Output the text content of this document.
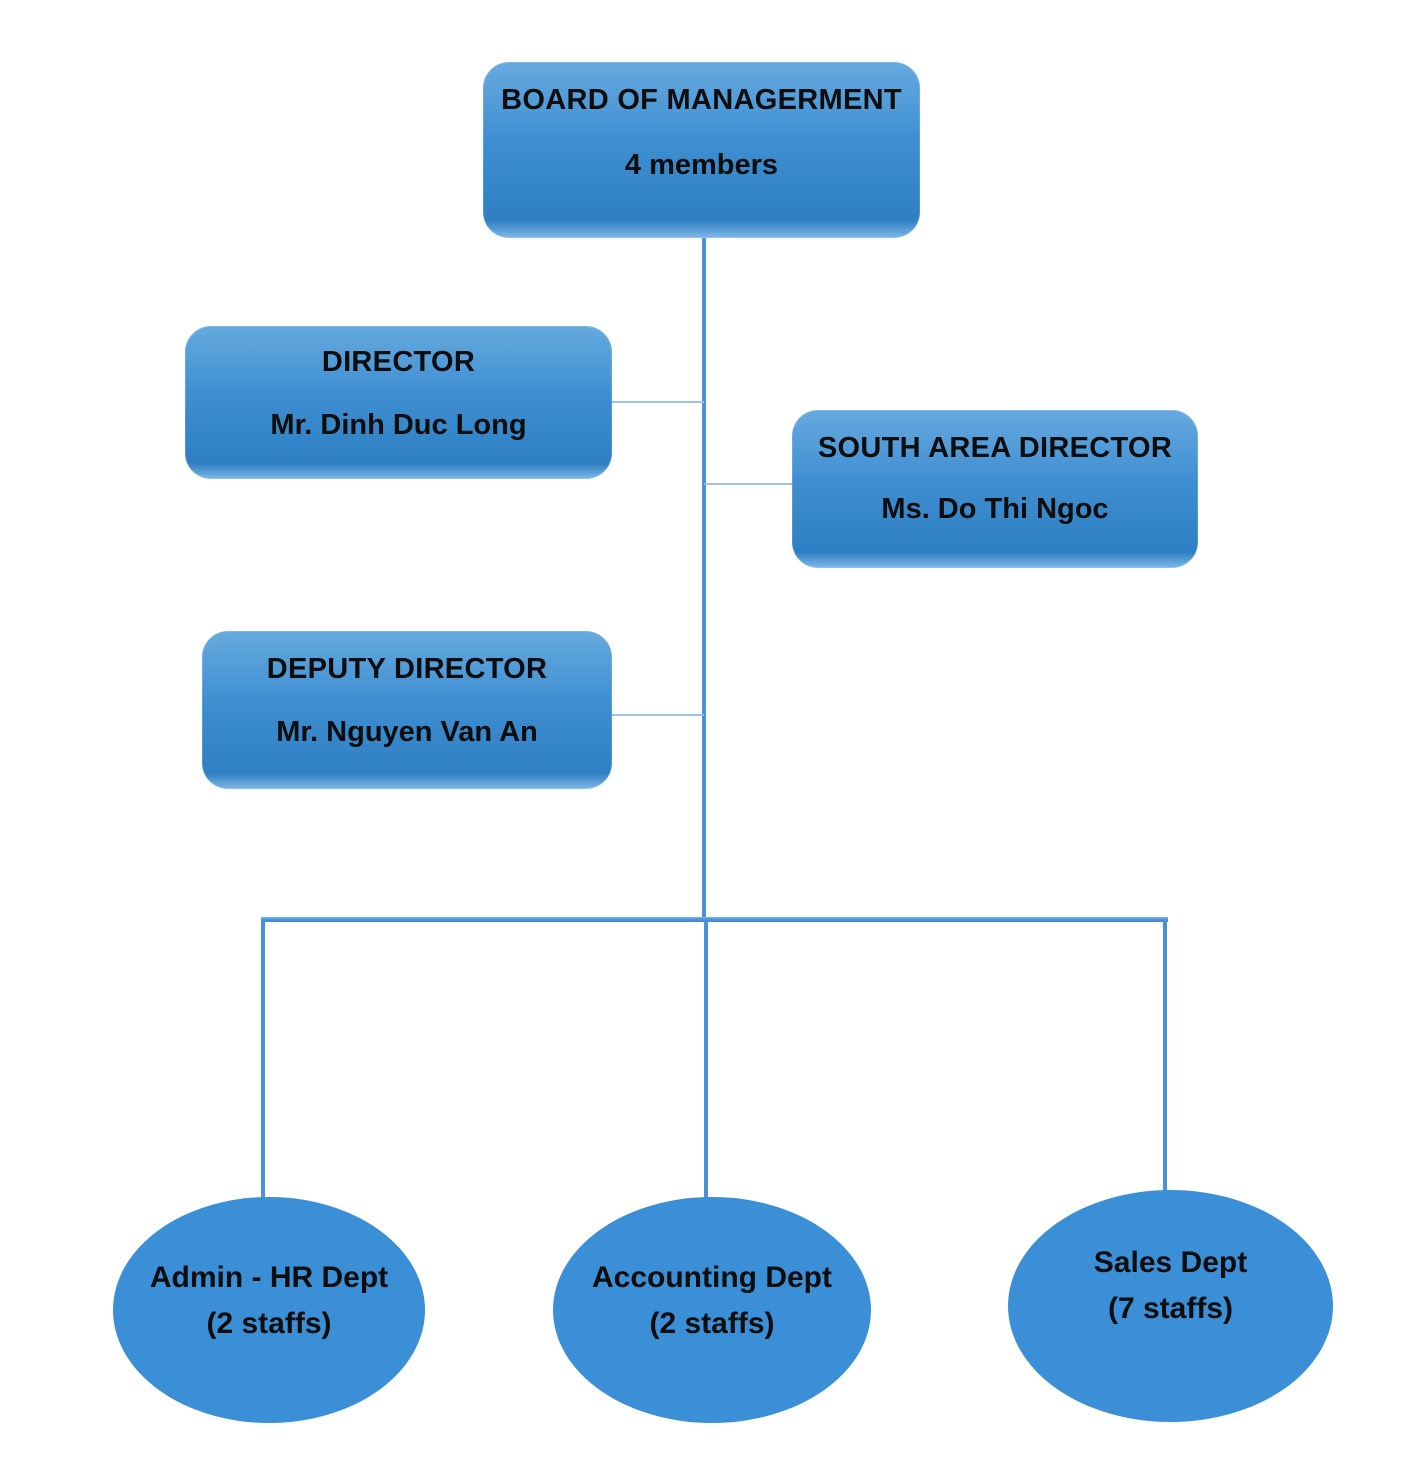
BOARD OF MANAGERMENT
4 members
DIRECTOR
Mr. Dinh Duc Long
SOUTH AREA DIRECTOR
Ms. Do Thi Ngoc
DEPUTY DIRECTOR
Mr. Nguyen Van An
Admin - HR Dept
(2 staffs)
Accounting Dept
(2 staffs)
Sales Dept
(7 staffs)
